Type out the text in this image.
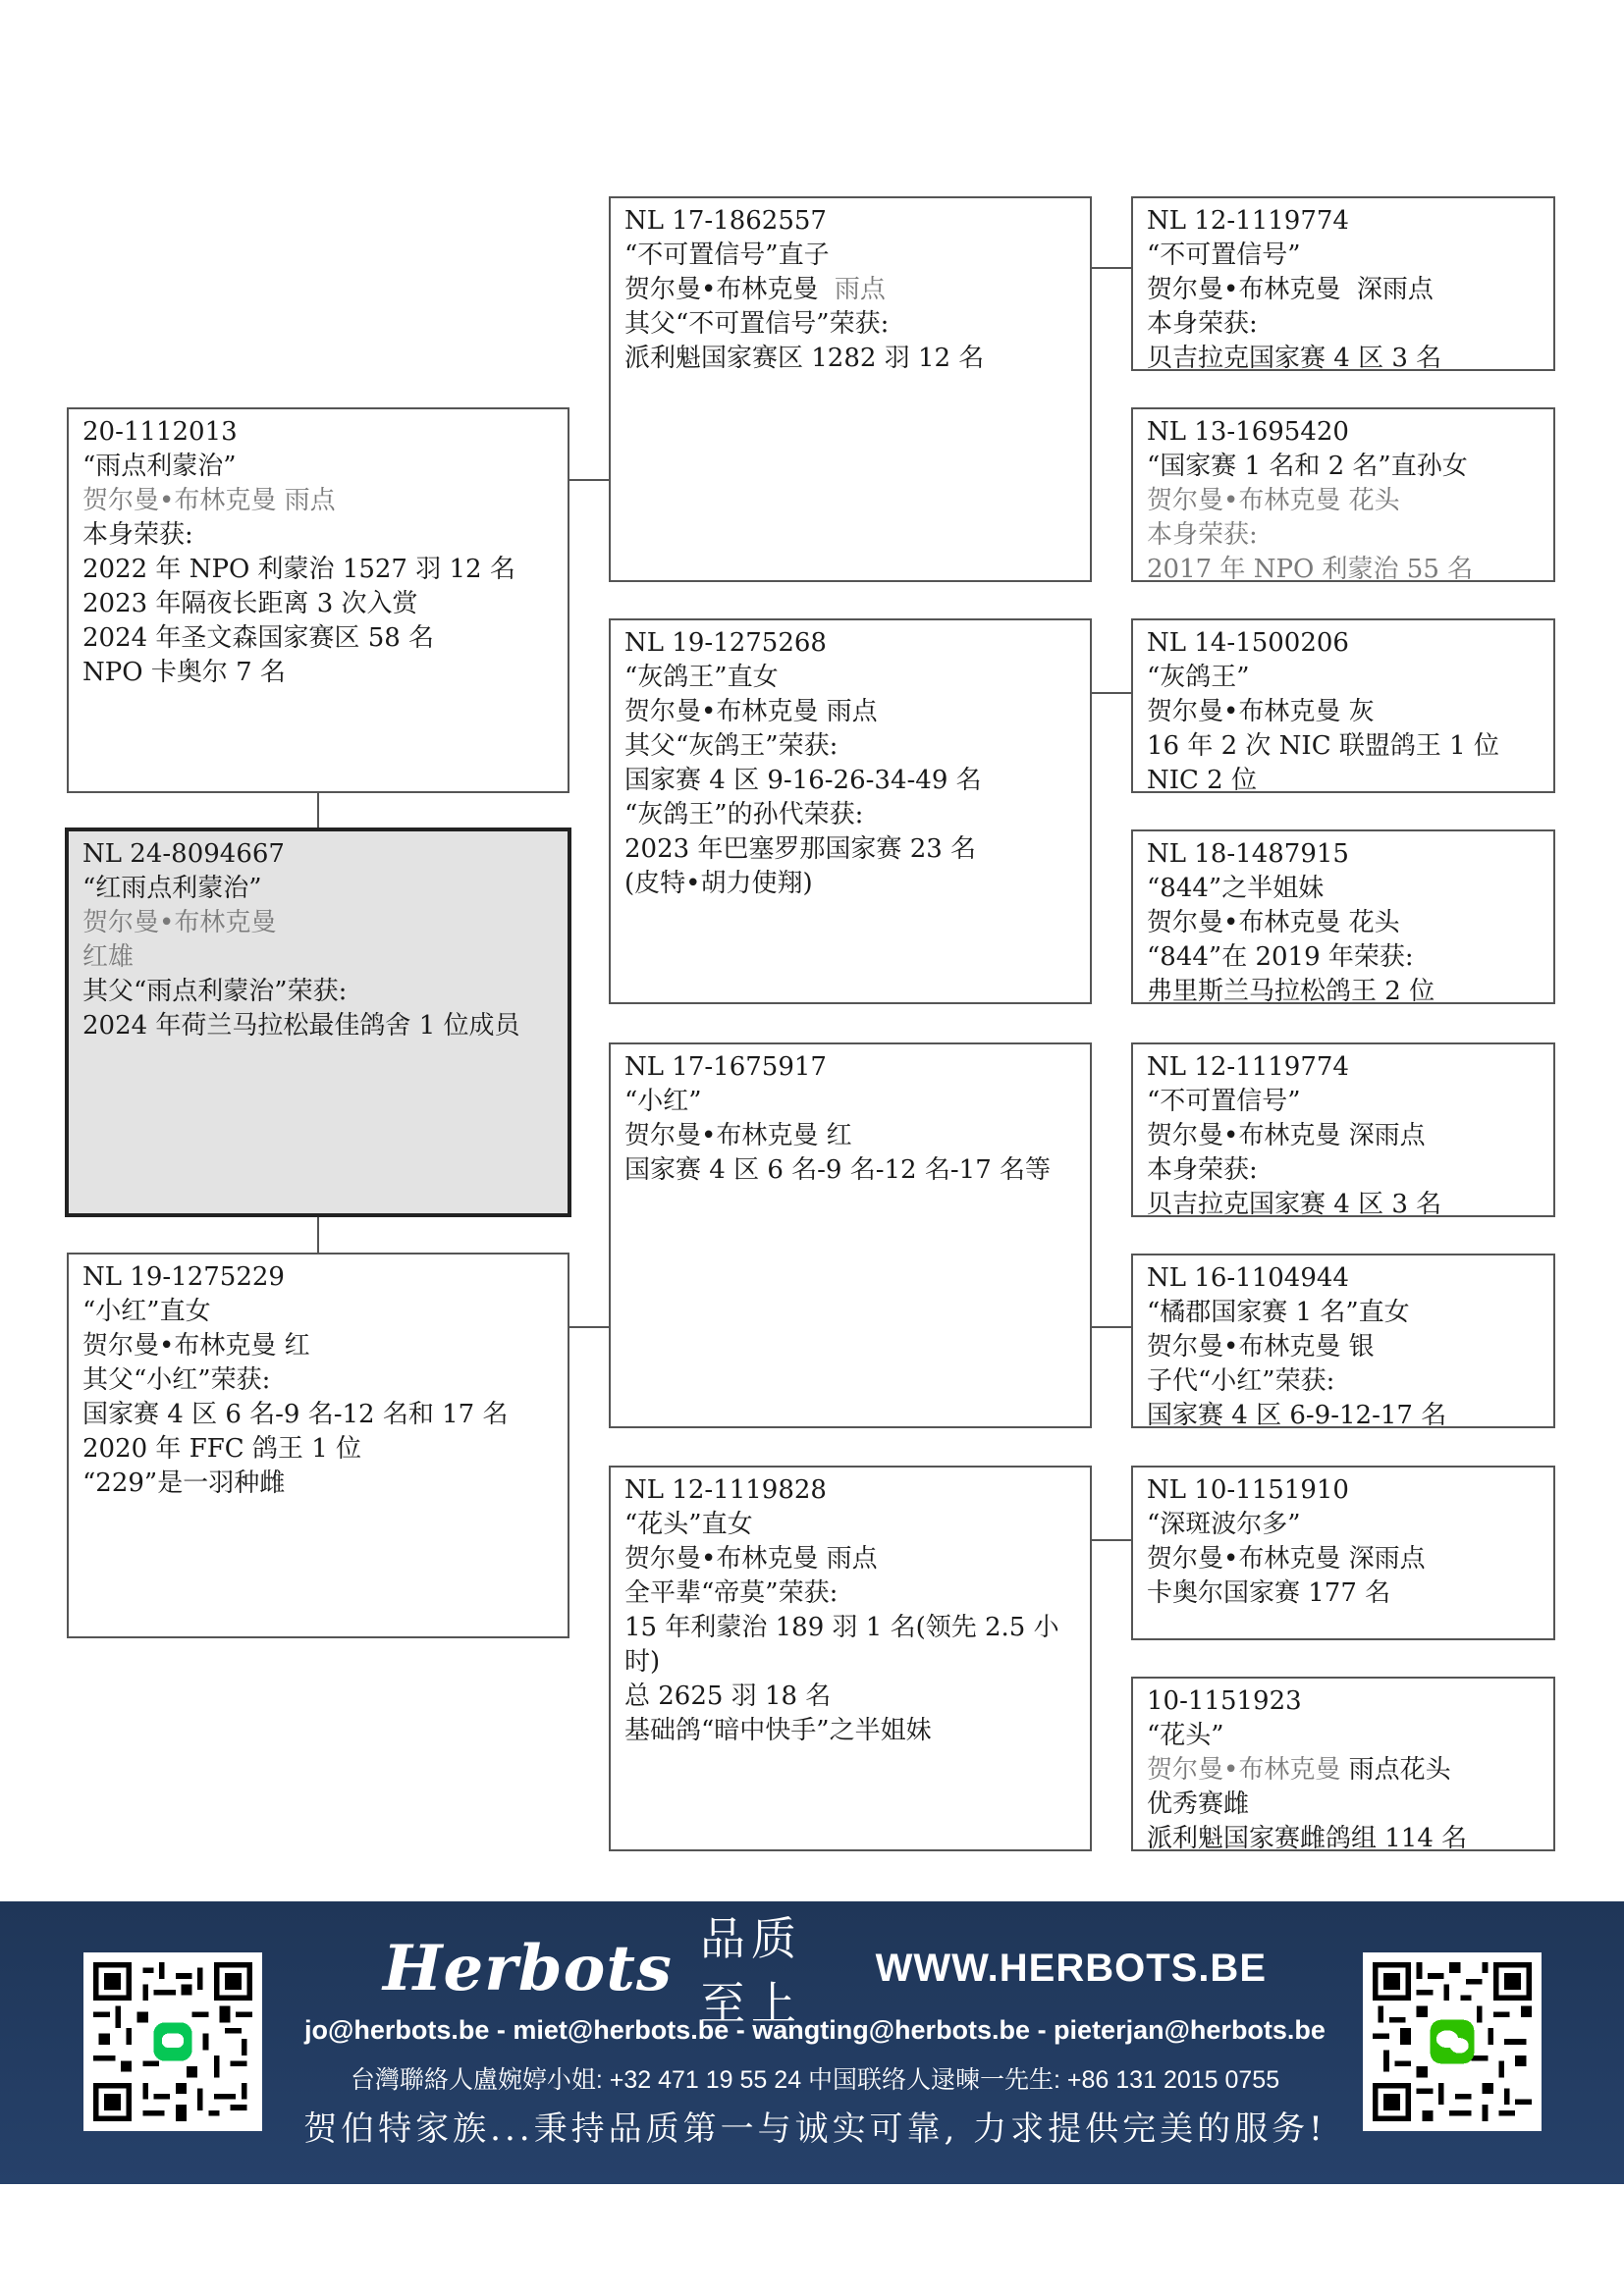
20-1112013
“雨点利蒙治”
贺尔曼•布林克曼 雨点
本身荣获:
2022 年 NPO 利蒙治 1527 羽 12 名
2023 年隔夜长距离 3 次入赏
2024 年圣文森国家赛区 58 名
NPO 卡奥尔 7 名
NL 24-8094667
“红雨点利蒙治”
贺尔曼•布林克曼
红雄
其父“雨点利蒙治”荣获:
2024 年荷兰马拉松最佳鸽舍 1 位成员
NL 19-1275229
“小红”直女
贺尔曼•布林克曼 红
其父“小红”荣获:
国家赛 4 区 6 名-9 名-12 名和 17 名
2020 年 FFC 鸽王 1 位
“229”是一羽种雌
NL 17-1862557
“不可置信号”直子
贺尔曼•布林克曼 雨点
其父“不可置信号”荣获:
派利魁国家赛区 1282 羽 12 名
NL 19-1275268
“灰鸽王”直女
贺尔曼•布林克曼 雨点
其父“灰鸽王”荣获:
国家赛 4 区 9-16-26-34-49 名
“灰鸽王”的孙代荣获:
2023 年巴塞罗那国家赛 23 名
(皮特•胡力使翔)
NL 17-1675917
“小红”
贺尔曼•布林克曼 红
国家赛 4 区 6 名-9 名-12 名-17 名等
NL 12-1119828
“花头”直女
贺尔曼•布林克曼 雨点
全平辈“帝莫”荣获:
15 年利蒙治 189 羽 1 名(领先 2.5 小时)
总 2625 羽 18 名
基础鸽“暗中快手”之半姐妹
NL 12-1119774
“不可置信号”
贺尔曼•布林克曼 深雨点
本身荣获:
贝吉拉克国家赛 4 区 3 名
NL 13-1695420
“国家赛 1 名和 2 名”直孙女
贺尔曼•布林克曼 花头
本身荣获:
2017 年 NPO 利蒙治 55 名
NL 14-1500206
“灰鸽王”
贺尔曼•布林克曼 灰
16 年 2 次 NIC 联盟鸽王 1 位
NIC 2 位
NL 18-1487915
“844”之半姐妹
贺尔曼•布林克曼 花头
“844”在 2019 年荣获:
弗里斯兰马拉松鸽王 2 位
NL 12-1119774
“不可置信号”
贺尔曼•布林克曼 深雨点
本身荣获:
贝吉拉克国家赛 4 区 3 名
NL 16-1104944
“橘郡国家赛 1 名”直女
贺尔曼•布林克曼 银
子代“小红”荣获:
国家赛 4 区 6-9-12-17 名
NL 10-1151910
“深斑波尔多”
贺尔曼•布林克曼 深雨点
卡奥尔国家赛 177 名
10-1151923
“花头”
贺尔曼•布林克曼 雨点花头
优秀赛雌
派利魁国家赛雌鸽组 114 名
Herbots 品质至上
WWW.HERBOTS.BE
jo@herbots.be - miet@herbots.be - wangting@herbots.be - pieterjan@herbots.be
台灣聯絡人盧婉婷小姐: +32 471 19 55 24 中国联络人逯暕一先生: +86 131 2015 0755
贺伯特家族...秉持品质第一与诚实可靠, 力求提供完美的服务!
